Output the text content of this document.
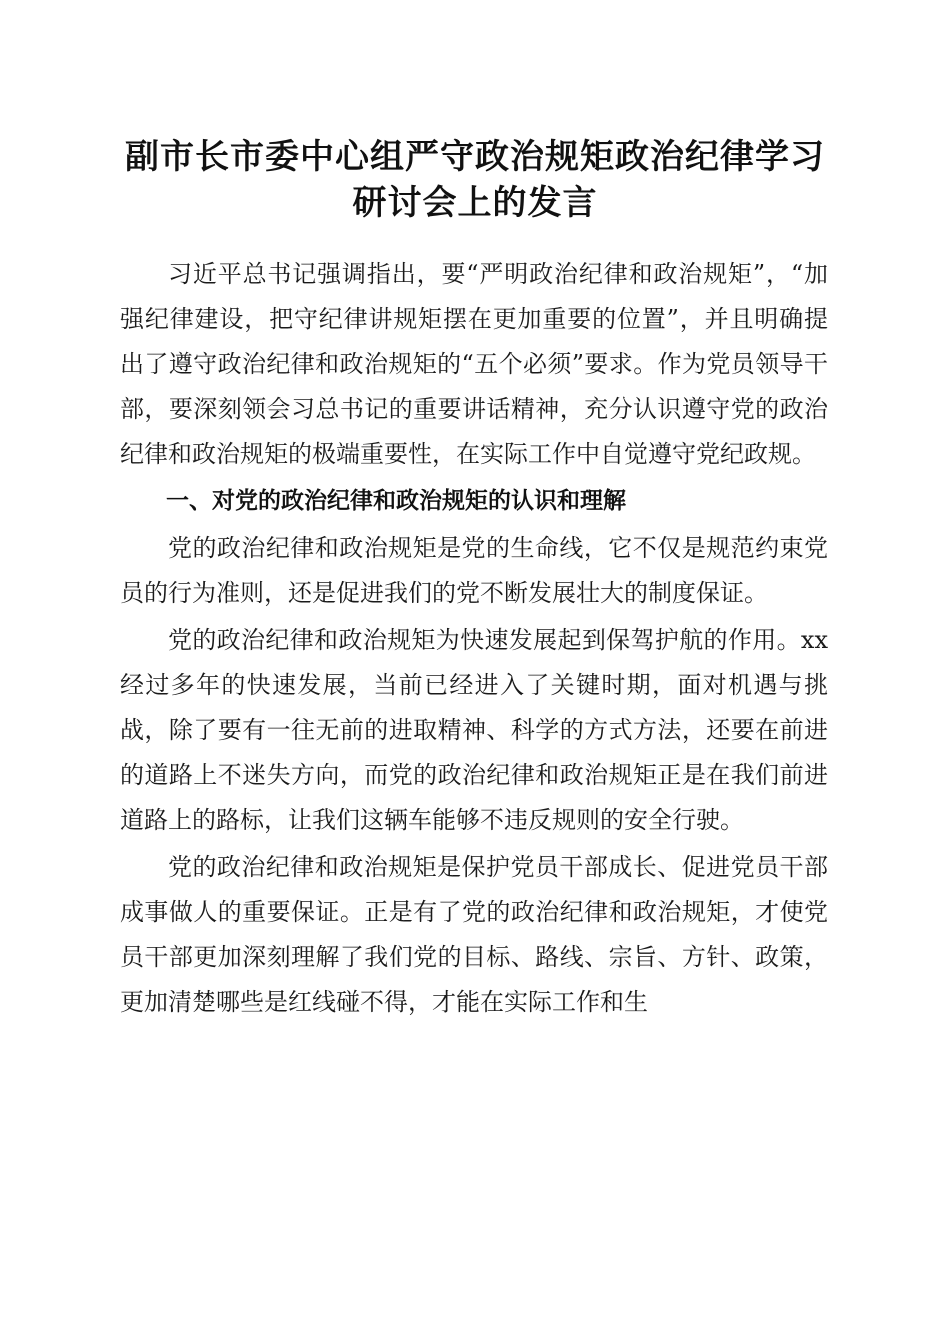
副市长市委中心组严守政治规矩政治纪律学习研讨会上的发言

习近平总书记强调指出，要“严明政治纪律和政治规矩”，“加强纪律建设，把守纪律讲规矩摆在更加重要的位置”，并且明确提出了遵守政治纪律和政治规矩的“五个必须”要求。作为党员领导干部，要深刻领会习总书记的重要讲话精神，充分认识遵守党的政治纪律和政治规矩的极端重要性，在实际工作中自觉遵守党纪政规。

一、对党的政治纪律和政治规矩的认识和理解

党的政治纪律和政治规矩是党的生命线，它不仅是规范约束党员的行为准则，还是促进我们的党不断发展壮大的制度保证。

党的政治纪律和政治规矩为快速发展起到保驾护航的作用。xx经过多年的快速发展，当前已经进入了关键时期，面对机遇与挑战，除了要有一往无前的进取精神、科学的方式方法，还要在前进的道路上不迷失方向，而党的政治纪律和政治规矩正是在我们前进道路上的路标，让我们这辆车能够不违反规则的安全行驶。

党的政治纪律和政治规矩是保护党员干部成长、促进党员干部成事做人的重要保证。正是有了党的政治纪律和政治规矩，才使党员干部更加深刻理解了我们党的目标、路线、宗旨、方针、政策，更加清楚哪些是红线碰不得，才能在实际工作和生
